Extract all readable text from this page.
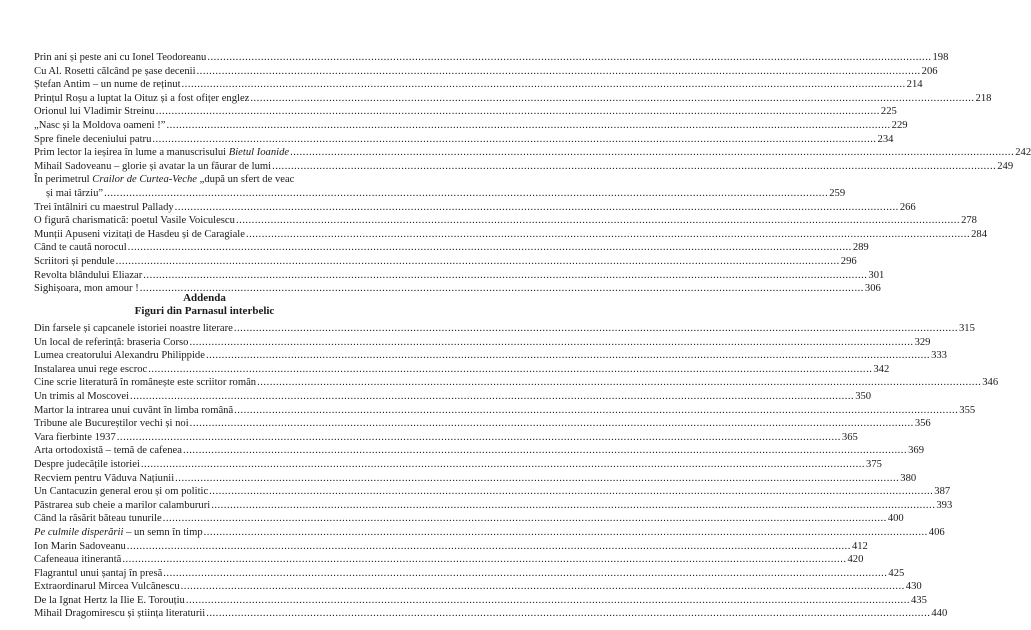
Prin ani și peste ani cu Ionel Teodoreanu .....	198
Cu Al. Rosetti călcând pe șase decenii .....	206
Ștefan Antim – un nume de reținut .....	214
Prințul Roșu a luptat la Oituz și a fost ofițer englez .....	218
Orionul lui Vladimir Streinu .....	225
„Nasc și la Moldova oameni !” .....	229
Spre finele deceniului patru .....	234
Prim lector la ieșirea în lume a manuscrisului Bietul Ioanide .....	242
Mihail Sadoveanu – glorie și avatar la un făurar de lumi .....	249
În perimetrul Crailor de Curtea-Veche „după un sfert de veac
și mai târziu” .....	259
Trei întâlniri cu maestrul Pallady .....	266
O figură charismatică: poetul Vasile Voiculescu .....	278
Munții Apuseni vizitați de Hasdeu și de Caragiale .....	284
Când te caută norocul .....	289
Scriitori și pendule .....	296
Revolta blândului Eliazar .....	301
Sighișoara, mon amour ! .....	306
Addenda
Figuri din Parnasul interbelic
Din farsele și capcanele istoriei noastre literare .....	315
Un local de referință: braseria Corso .....	329
Lumea creatorului Alexandru Philippide .....	333
Instalarea unui rege escroc .....	342
Cine scrie literatură în românește este scriitor român .....	346
Un trimis al Moscovei .....	350
Martor la intrarea unui cuvânt în limba română .....	355
Tribune ale Bucureștilor vechi și noi .....	356
Vara fierbinte 1937 .....	365
Arta ortodoxistă – temă de cafenea .....	369
Despre judecățile istoriei .....	375
Recviem pentru Văduva Națiunii .....	380
Un Cantacuzin general erou și om politic .....	387
Păstrarea sub cheie a marilor calambururi .....	393
Când la răsărit băteau tunurile .....	400
Pe culmile disperării – un semn în timp .....	406
Ion Marin Sadoveanu .....	412
Cafeneaua itinerantă .....	420
Flagrantul unui șantaj în presă .....	425
Extraordinarul Mircea Vulcănescu .....	430
De la Ignat Hertz la Ilie E. Torouțiu .....	435
Mihail Dragomirescu și știința literaturii .....	440
